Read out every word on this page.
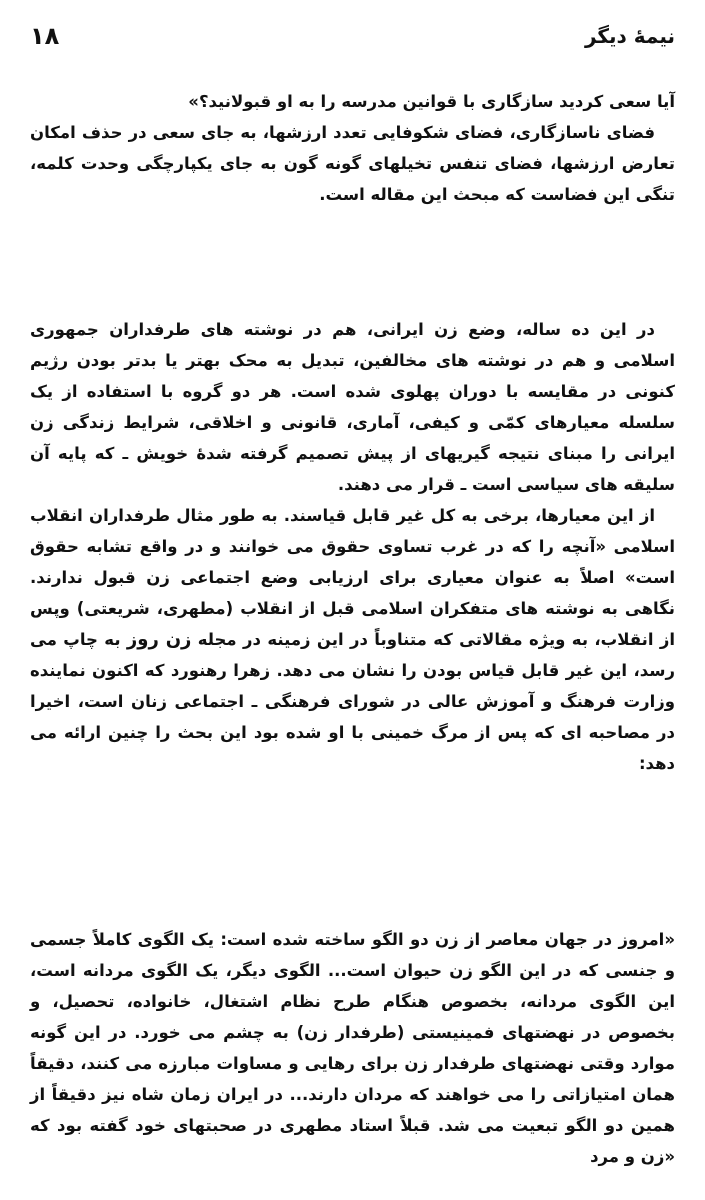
۱۸	نیمهٔ دیگر

آیا سعی کردید سازگاری با قوانین مدرسه را به او قبولانید؟»

فضای ناسازگاری، فضای شکوفایی تعدد ارزشها، به جای سعی در حذف امکان تعارض ارزشها، فضای تنفس تخیلهای گونه گون به جای یکپارچگی وحدت کلمه، تنگی این فضاست که مبحث این مقاله است.

در این ده ساله، وضع زن ایرانی، هم در نوشته های طرفداران جمهوری اسلامی و هم در نوشته های مخالفین، تبدیل به محک بهتر یا بدتر بودن رژیم کنونی در مقایسه با دوران پهلوی شده است. هر دو گروه با استفاده از یک سلسله معیارهای کمّی و کیفی، آماری، قانونی و اخلاقی، شرایط زندگی زن ایرانی را مبنای نتیجه گیریهای از پیش تصمیم گرفته شدهٔ خویش ـ که پایه آن سلیقه های سیاسی است ـ قرار می دهند.

از این معیارها، برخی به کل غیر قابل قیاسند. به طور مثال طرفداران انقلاب اسلامی «آنچه را که در غرب تساوی حقوق می خوانند و در واقع تشابه حقوق است» اصلاً به عنوان معیاری برای ارزیابی وضع اجتماعی زن قبول ندارند. نگاهی به نوشته های متفکران اسلامی قبل از انقلاب (مطهری، شریعتی) وپس از انقلاب، به ویژه مقالاتی که متناوباً در این زمینه در مجله زن روز به چاپ می رسد، این غیر قابل قیاس بودن را نشان می دهد. زهرا رهنورد که اکنون نماینده وزارت فرهنگ و آموزش عالی در شورای فرهنگی ـ اجتماعی زنان است، اخیرا در مصاحبه ای که پس از مرگ خمینی با او شده بود این بحث را چنین ارائه می دهد:

«امروز در جهان معاصر از زن دو الگو ساخته شده است: یک الگوی کاملاً جسمی و جنسی که در این الگو زن حیوان است... الگوی دیگر، یک الگوی مردانه است، این الگوی مردانه، بخصوص هنگام طرح نظام اشتغال، خانواده، تحصیل، و بخصوص در نهضتهای فمینیستی (طرفدار زن) به چشم می خورد. در این گونه موارد وقتی نهضتهای طرفدار زن برای رهایی و مساوات مبارزه می کنند، دقیقاً همان امتیازاتی را می خواهند که مردان دارند... در ایران زمان شاه نیز دقیقاً از همین دو الگو تبعیت می شد. قبلاً استاد مطهری در صحبتهای خود گفته بود که «زن و مرد
